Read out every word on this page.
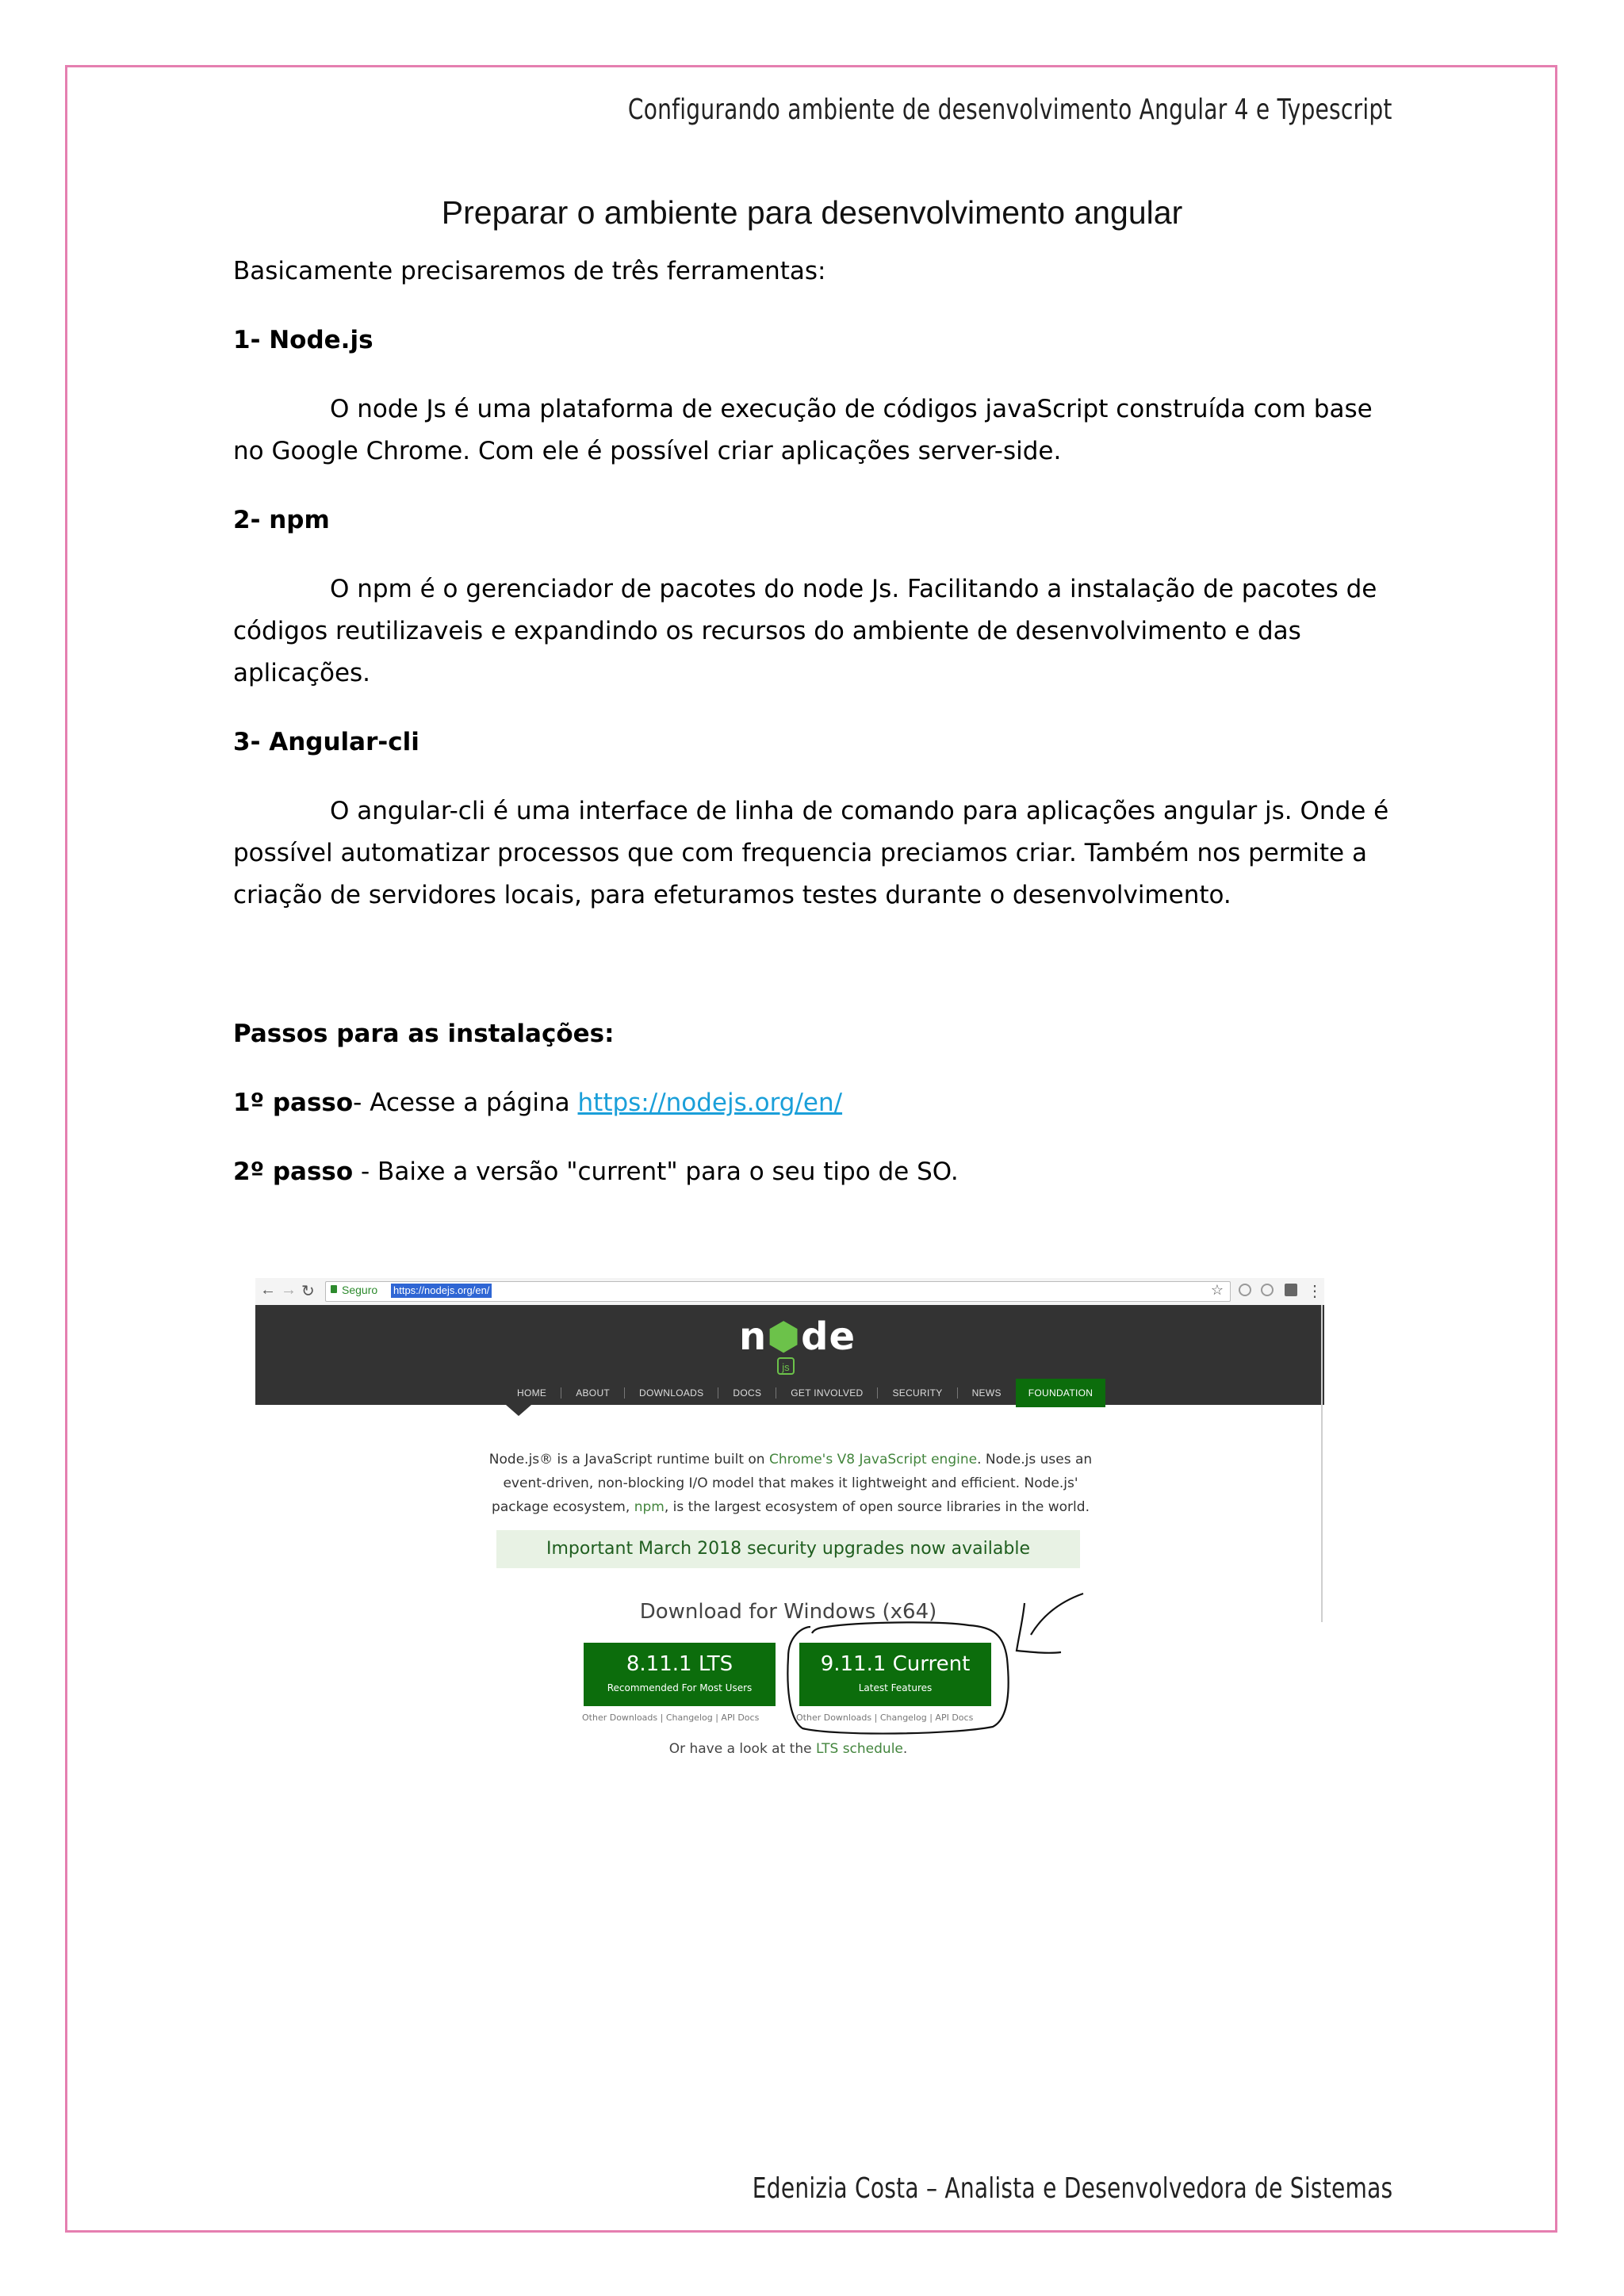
Configurando ambiente de desenvolvimento Angular 4 e Typescript
Preparar o ambiente para desenvolvimento angular

Basicamente precisaremos de três ferramentas:

1- Node.js

O node Js é uma plataforma de execução de códigos javaScript construída com base no Google Chrome. Com ele é possível criar aplicações server-side.

2- npm

O npm é o gerenciador de pacotes do node Js. Facilitando a instalação de pacotes de códigos reutilizaveis e expandindo os recursos do ambiente de desenvolvimento e das aplicações.

3- Angular-cli

O angular-cli é uma interface de linha de comando para aplicações angular js. Onde é possível automatizar processos que com frequencia preciamos criar. Também nos permite a criação de servidores locais, para efeturamos testes durante o desenvolvimento.

Passos para as instalações:

1º passo- Acesse a página https://nodejs.org/en/

2º passo - Baixe a versão "current" para o seu tipo de SO.

← → ↻ Seguro https://nodejs.org/en/	☆	⋮
n⬢de
js
HOME	ABOUT	DOWNLOADS	DOCS	GET INVOLVED	SECURITY	NEWS	FOUNDATION
Node.js® is a JavaScript runtime built on Chrome's V8 JavaScript engine. Node.js uses an event-driven, non-blocking I/O model that makes it lightweight and efficient. Node.js' package ecosystem, npm, is the largest ecosystem of open source libraries in the world.
Important March 2018 security upgrades now available
Download for Windows (x64)
8.11.1 LTS
Recommended For Most Users
9.11.1 Current
Latest Features
Other Downloads | Changelog | API Docs	Other Downloads | Changelog | API Docs
Or have a look at the LTS schedule.
Edenizia Costa – Analista e Desenvolvedora de Sistemas
